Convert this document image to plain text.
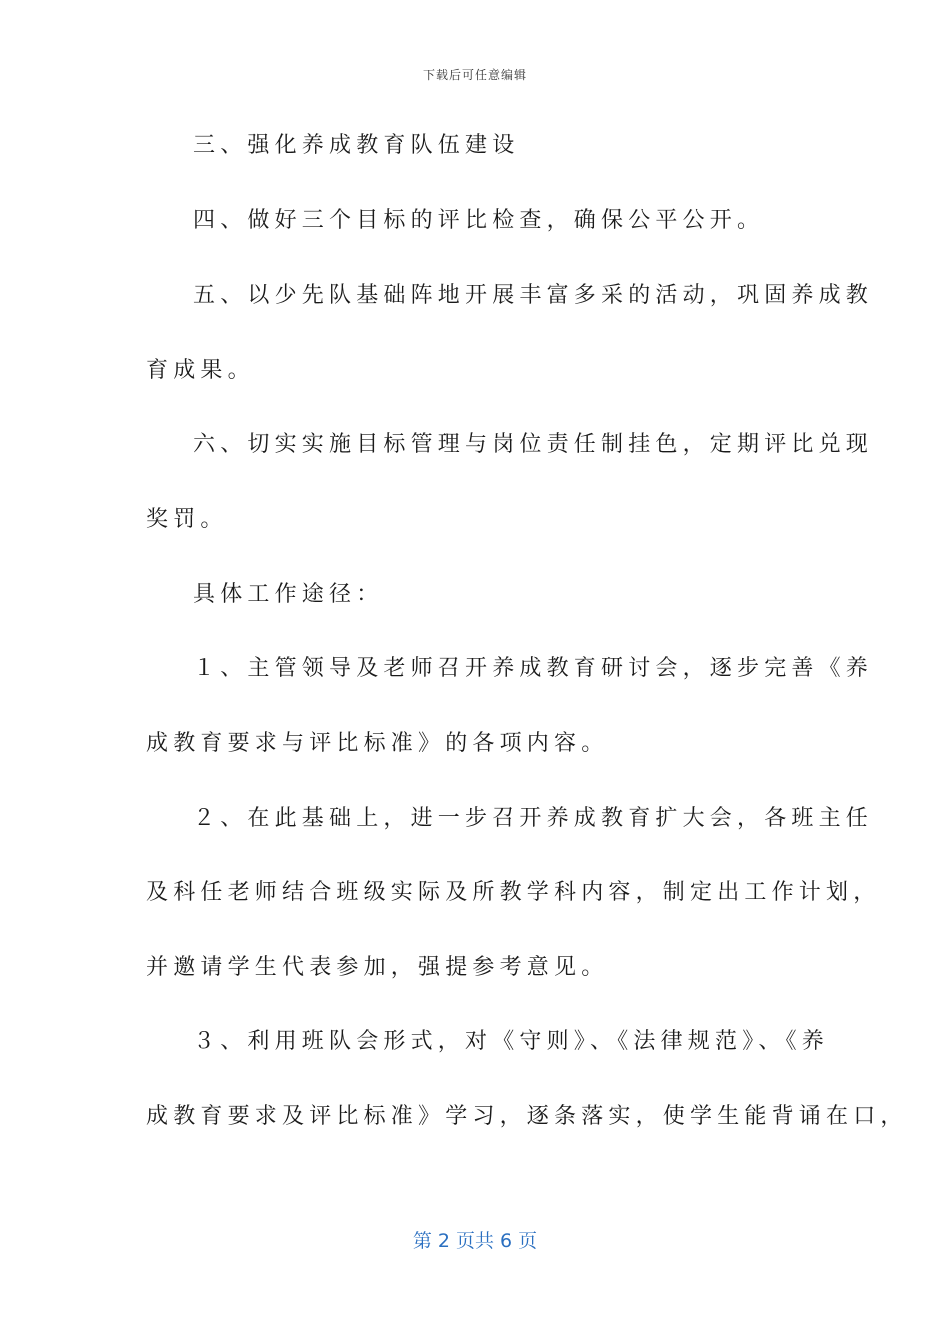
下载后可任意编辑
三、强化养成教育队伍建设
四、做好三个目标的评比检查，确保公平公开。
五、以少先队基础阵地开展丰富多采的活动，巩固养成教
育成果。
六、切实实施目标管理与岗位责任制挂色，定期评比兑现
奖罚。
具体工作途径：
１、主管领导及老师召开养成教育研讨会，逐步完善《养
成教育要求与评比标准》的各项内容。
２、在此基础上，进一步召开养成教育扩大会，各班主任
及科任老师结合班级实际及所教学科内容，制定出工作计划，
并邀请学生代表参加，强提参考意见。
３、利用班队会形式，对《守则》、《法律规范》、《养
成教育要求及评比标准》学习，逐条落实，使学生能背诵在口，
第 2 页共 6 页
